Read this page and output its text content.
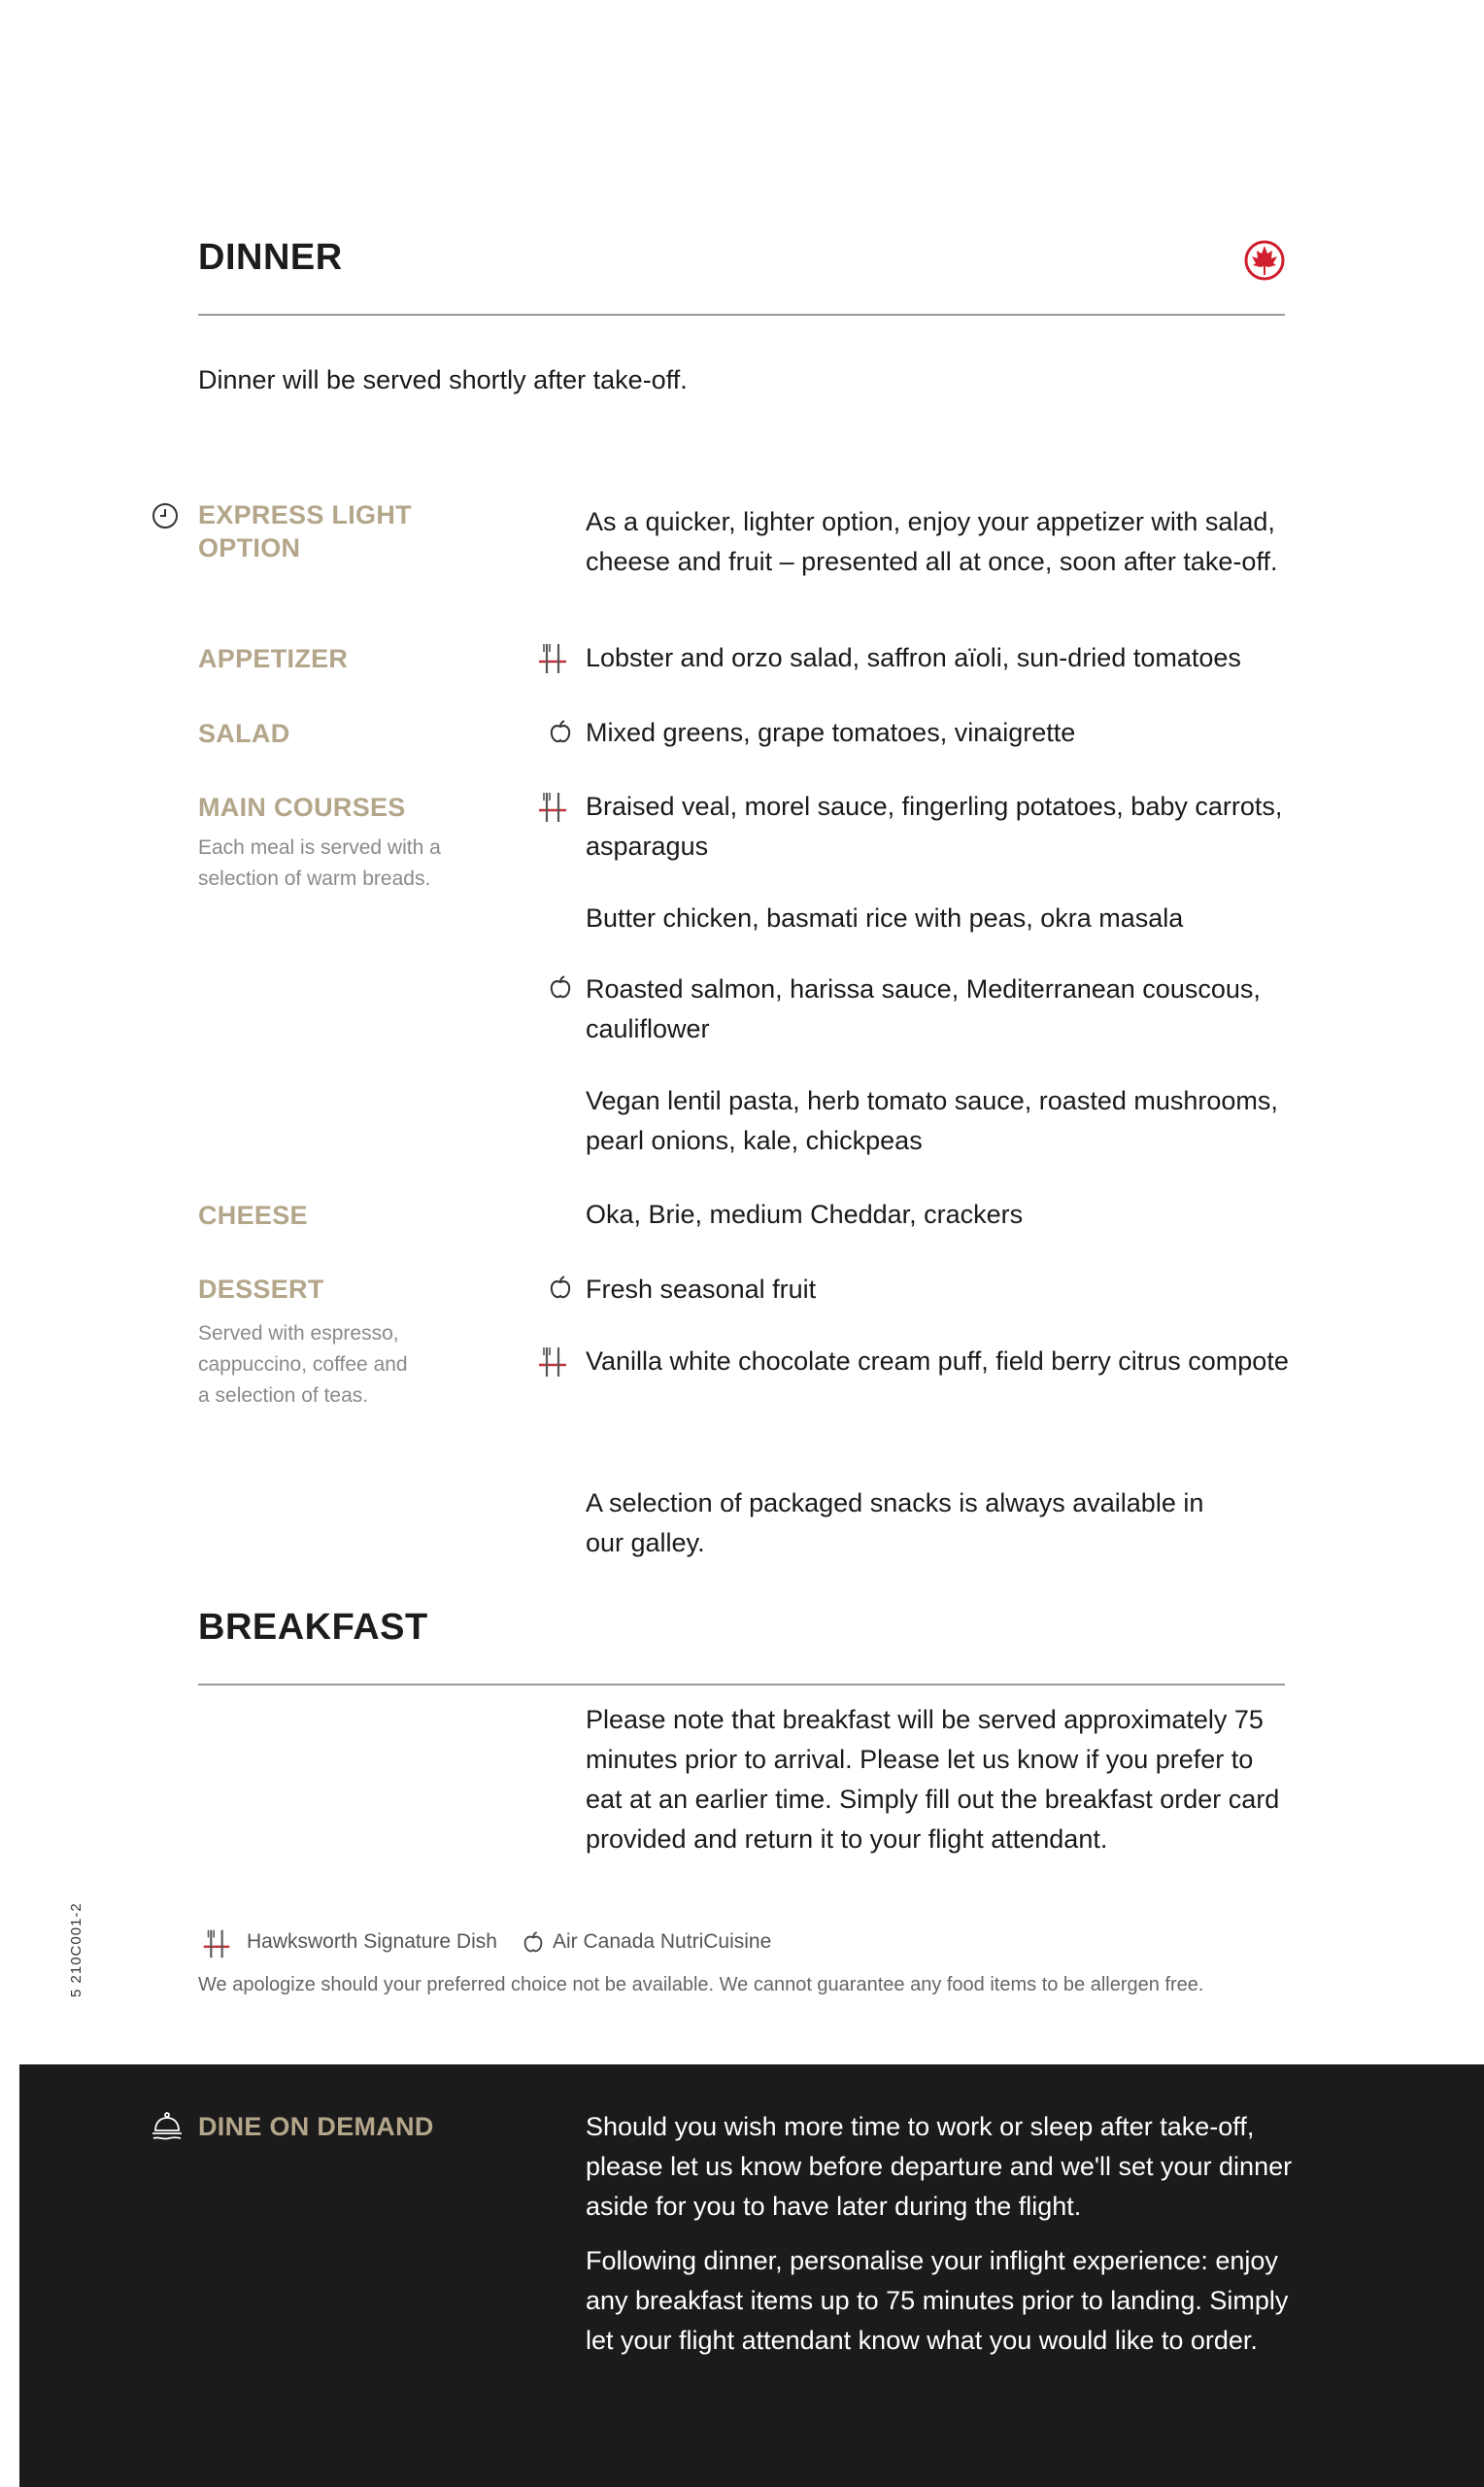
DINNER
Dinner will be served shortly after take-off.
EXPRESS LIGHT OPTION
As a quicker, lighter option, enjoy your appetizer with salad, cheese and fruit – presented all at once, soon after take-off.
APPETIZER	Lobster and orzo salad, saffron aïoli, sun-dried tomatoes
SALAD	Mixed greens, grape tomatoes, vinaigrette
MAIN COURSES
Each meal is served with a selection of warm breads.
Braised veal, morel sauce, fingerling potatoes, baby carrots, asparagus
Butter chicken, basmati rice with peas, okra masala
Roasted salmon, harissa sauce, Mediterranean couscous, cauliflower
Vegan lentil pasta, herb tomato sauce, roasted mushrooms, pearl onions, kale, chickpeas
CHEESE	Oka, Brie, medium Cheddar, crackers
DESSERT
Served with espresso, cappuccino, coffee and a selection of teas.
Fresh seasonal fruit
Vanilla white chocolate cream puff, field berry citrus compote
A selection of packaged snacks is always available in our galley.
BREAKFAST
Please note that breakfast will be served approximately 75 minutes prior to arrival. Please let us know if you prefer to eat at an earlier time. Simply fill out the breakfast order card provided and return it to your flight attendant.
5 210C001-2	Hawksworth Signature Dish	Air Canada NutriCuisine
We apologize should your preferred choice not be available. We cannot guarantee any food items to be allergen free.
DINE ON DEMAND	Should you wish more time to work or sleep after take-off, please let us know before departure and we'll set your dinner aside for you to have later during the flight.
Following dinner, personalise your inflight experience: enjoy any breakfast items up to 75 minutes prior to landing. Simply let your flight attendant know what you would like to order.
